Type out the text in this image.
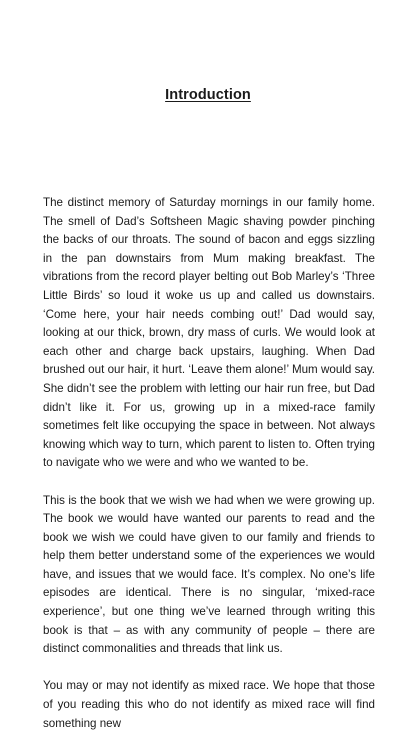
Introduction

The distinct memory of Saturday mornings in our family home. The smell of Dad’s Softsheen Magic shaving powder pinching the backs of our throats. The sound of bacon and eggs sizzling in the pan downstairs from Mum making breakfast. The vibrations from the record player belting out Bob Marley’s ‘Three Little Birds’ so loud it woke us up and called us downstairs. ‘Come here, your hair needs combing out!’ Dad would say, looking at our thick, brown, dry mass of curls. We would look at each other and charge back upstairs, laughing. When Dad brushed out our hair, it hurt. ‘Leave them alone!’ Mum would say. She didn’t see the problem with letting our hair run free, but Dad didn’t like it. For us, growing up in a mixed-race family sometimes felt like occupying the space in between. Not always knowing which way to turn, which parent to listen to. Often trying to navigate who we were and who we wanted to be.

This is the book that we wish we had when we were growing up. The book we would have wanted our parents to read and the book we wish we could have given to our family and friends to help them better understand some of the experiences we would have, and issues that we would face. It’s complex. No one’s life episodes are identical. There is no singular, ‘mixed-race experience’, but one thing we’ve learned through writing this book is that – as with any community of people – there are distinct commonalities and threads that link us.

You may or may not identify as mixed race. We hope that those of you reading this who do not identify as mixed race will find something new
